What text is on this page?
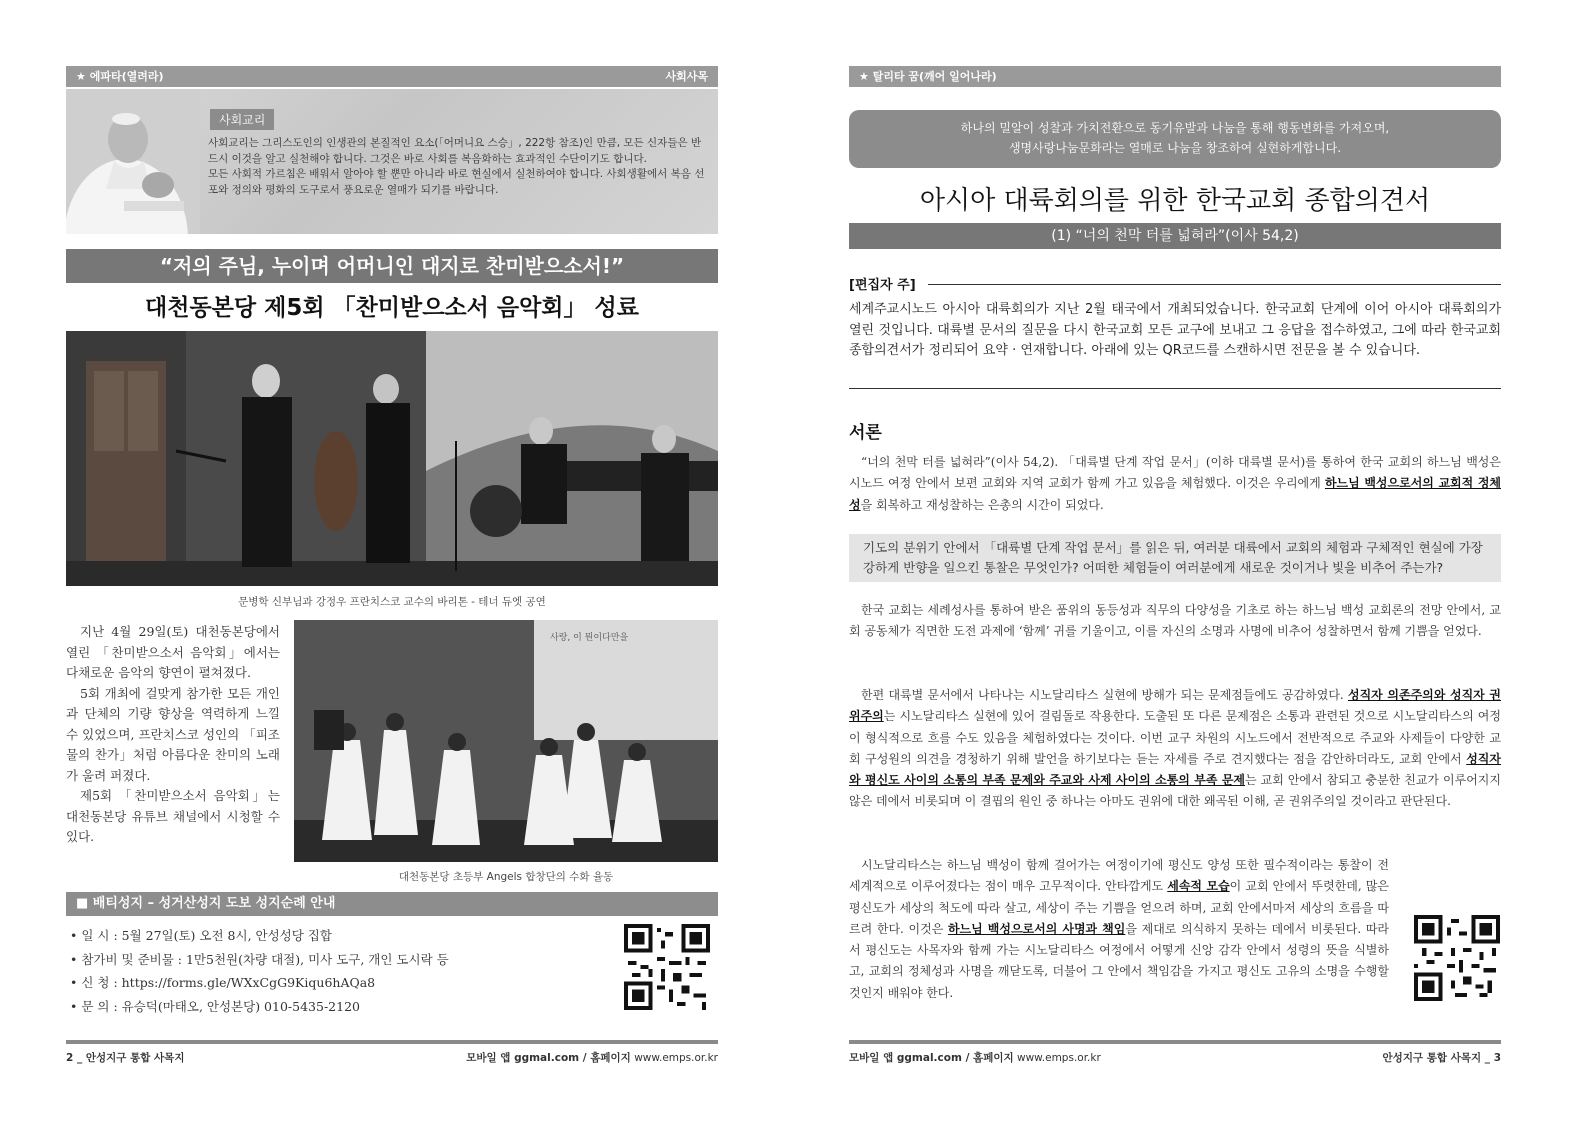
★ 에파타(열려라)	사회사목
사회교리

사회교리는 그리스도인의 인생관의 본질적인 요소(「어머니요 스승」, 222항 참조)인 만큼, 모든 신자들은 반드시 이것을 알고 실천해야 합니다. 그것은 바로 사회를 복음화하는 효과적인 수단이기도 합니다.

모든 사회적 가르침은 배워서 알아야 할 뿐만 아니라 바로 현실에서 실천하여야 합니다. 사회생활에서 복음 선포와 정의와 평화의 도구로서 풍요로운 열매가 되기를 바랍니다.

“저의 주님, 누이며 어머니인 대지로 찬미받으소서!”
대천동본당 제5회 「찬미받으소서 음악회」 성료
문병학 신부님과 강정우 프란치스코 교수의 바리톤 - 테너 듀엣 공연

지난 4월 29일(토) 대천동본당에서 열린 「찬미받으소서 음악회」에서는 다채로운 음악의 향연이 펼쳐졌다.

5회 개최에 걸맞게 참가한 모든 개인과 단체의 기량 향상을 역력하게 느낄 수 있었으며, 프란치스코 성인의 「피조물의 찬가」처럼 아름다운 찬미의 노래가 울려 퍼졌다.

제5회 「찬미받으소서 음악회」는 대천동본당 유튜브 채널에서 시청할 수 있다.

사랑, 이 뭔이다만을
대천동본당 초등부 Angels 합창단의 수화 율동
■ 배티성지 – 성거산성지 도보 성지순례 안내
• 일 시 : 5월 27일(토) 오전 8시, 안성성당 집합
• 참가비 및 준비물 : 1만5천원(차량 대절), 미사 도구, 개인 도시락 등
• 신 청 : https://forms.gle/WXxCgG9Kiqu6hAQa8
• 문 의 : 유승덕(마태오, 안성본당) 010-5435-2120
2 _ 안성지구 통합 사목지	모바일 앱 ggmal.com / 홈페이지 www.emps.or.kr
★ 탈리타 꿈(깨어 일어나라)
하나의 밀알이 성찰과 가치전환으로 동기유발과 나눔을 통해 행동변화를 가져오며,
생명사랑나눔문화라는 열매로 나눔을 창조하여 실현하게합니다.
아시아 대륙회의를 위한 한국교회 종합의견서
(1) “너의 천막 터를 넓혀라”(이사 54,2)
[편집자 주]
세계주교시노드 아시아 대륙회의가 지난 2월 태국에서 개최되었습니다. 한국교회 단계에 이어 아시아 대륙회의가 열린 것입니다. 대륙별 문서의 질문을 다시 한국교회 모든 교구에 보내고 그 응답을 접수하였고, 그에 따라 한국교회 종합의견서가 정리되어 요약 · 연재합니다. 아래에 있는 QR코드를 스캔하시면 전문을 볼 수 있습니다.
서론

“너의 천막 터를 넓혀라”(이사 54,2). 「대륙별 단계 작업 문서」(이하 대륙별 문서)를 통하여 한국 교회의 하느님 백성은 시노드 여정 안에서 보편 교회와 지역 교회가 함께 가고 있음을 체험했다. 이것은 우리에게 하느님 백성으로서의 교회적 정체성을 회복하고 재성찰하는 은총의 시간이 되었다.

기도의 분위기 안에서 「대륙별 단계 작업 문서」를 읽은 뒤, 여러분 대륙에서 교회의 체험과 구체적인 현실에 가장 강하게 반향을 일으킨 통찰은 무엇인가? 어떠한 체험들이 여러분에게 새로운 것이거나 빛을 비추어 주는가?

한국 교회는 세례성사를 통하여 받은 품위의 동등성과 직무의 다양성을 기초로 하는 하느님 백성 교회론의 전망 안에서, 교회 공동체가 직면한 도전 과제에 ‘함께’ 귀를 기울이고, 이를 자신의 소명과 사명에 비추어 성찰하면서 함께 기쁨을 얻었다.

한편 대륙별 문서에서 나타나는 시노달리타스 실현에 방해가 되는 문제점들에도 공감하였다. 성직자 의존주의와 성직자 권위주의는 시노달리타스 실현에 있어 걸림돌로 작용한다. 도출된 또 다른 문제점은 소통과 관련된 것으로 시노달리타스의 여정이 형식적으로 흐를 수도 있음을 체험하였다는 것이다. 이번 교구 차원의 시노드에서 전반적으로 주교와 사제들이 다양한 교회 구성원의 의견을 경청하기 위해 발언을 하기보다는 듣는 자세를 주로 견지했다는 점을 감안하더라도, 교회 안에서 성직자와 평신도 사이의 소통의 부족 문제와 주교와 사제 사이의 소통의 부족 문제는 교회 안에서 참되고 충분한 친교가 이루어지지 않은 데에서 비롯되며 이 결핍의 원인 중 하나는 아마도 권위에 대한 왜곡된 이해, 곧 권위주의일 것이라고 판단된다.

시노달리타스는 하느님 백성이 함께 걸어가는 여정이기에 평신도 양성 또한 필수적이라는 통찰이 전 세계적으로 이루어졌다는 점이 매우 고무적이다. 안타깝게도 세속적 모습이 교회 안에서 뚜렷한데, 많은 평신도가 세상의 척도에 따라 살고, 세상이 주는 기쁨을 얻으려 하며, 교회 안에서마저 세상의 흐름을 따르려 한다. 이것은 하느님 백성으로서의 사명과 책임을 제대로 의식하지 못하는 데에서 비롯된다. 따라서 평신도는 사목자와 함께 가는 시노달리타스 여정에서 어떻게 신앙 감각 안에서 성령의 뜻을 식별하고, 교회의 정체성과 사명을 깨닫도록, 더불어 그 안에서 책임감을 가지고 평신도 고유의 소명을 수행할 것인지 배워야 한다.

모바일 앱 ggmal.com / 홈페이지 www.emps.or.kr	안성지구 통합 사목지 _ 3
